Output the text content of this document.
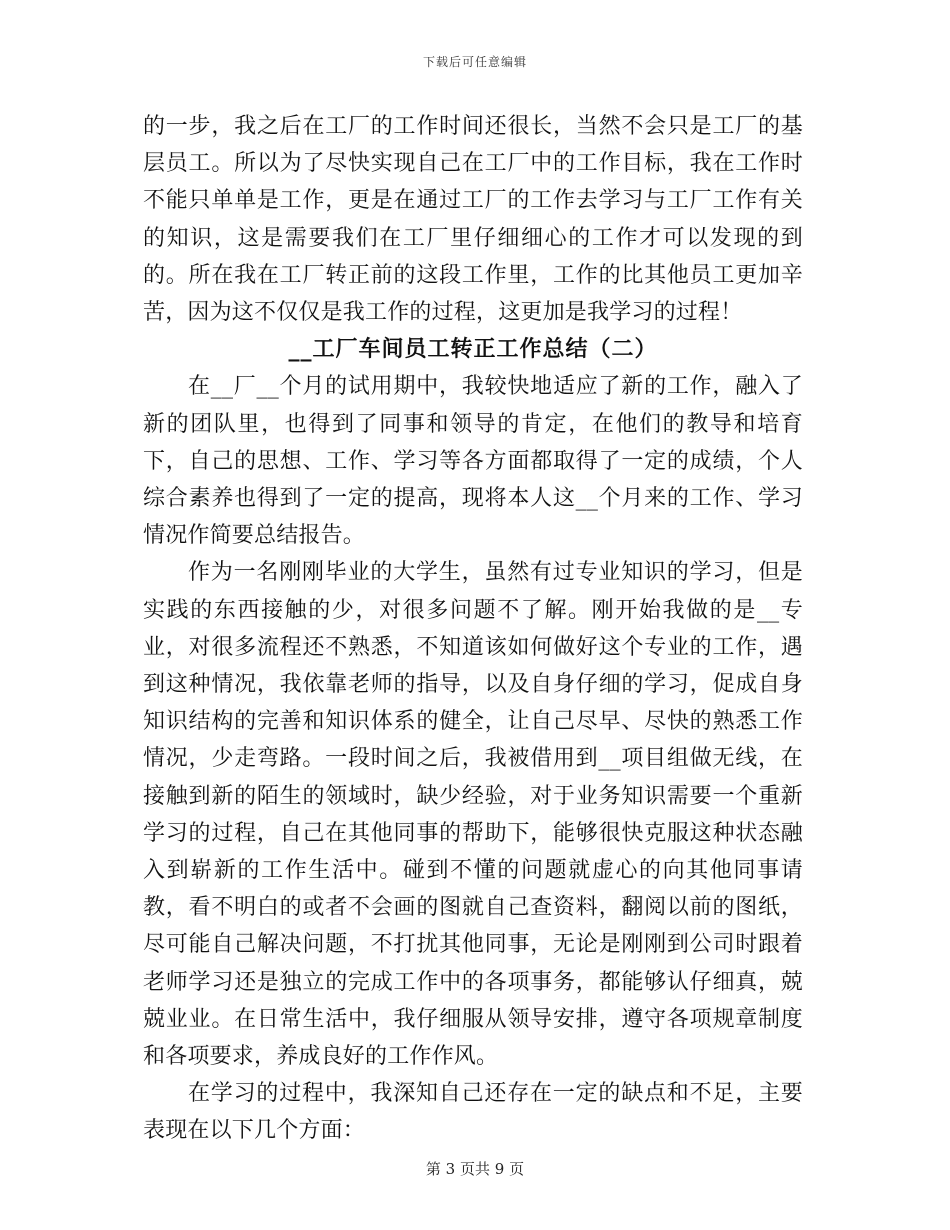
下载后可任意编辑

的一步，我之后在工厂的工作时间还很长，当然不会只是工厂的基层员工。所以为了尽快实现自己在工厂中的工作目标，我在工作时不能只单单是工作，更是在通过工厂的工作去学习与工厂工作有关的知识，这是需要我们在工厂里仔细细心的工作才可以发现的到的。所在我在工厂转正前的这段工作里，工作的比其他员工更加辛苦，因为这不仅仅是我工作的过程，这更加是我学习的过程！

__工厂车间员工转正工作总结（二）

在__厂__个月的试用期中，我较快地适应了新的工作，融入了新的团队里，也得到了同事和领导的肯定，在他们的教导和培育下，自己的思想、工作、学习等各方面都取得了一定的成绩，个人综合素养也得到了一定的提高，现将本人这__个月来的工作、学习情况作简要总结报告。

作为一名刚刚毕业的大学生，虽然有过专业知识的学习，但是实践的东西接触的少，对很多问题不了解。刚开始我做的是__专业，对很多流程还不熟悉，不知道该如何做好这个专业的工作，遇到这种情况，我依靠老师的指导，以及自身仔细的学习，促成自身知识结构的完善和知识体系的健全，让自己尽早、尽快的熟悉工作情况，少走弯路。一段时间之后，我被借用到__项目组做无线，在接触到新的陌生的领域时，缺少经验，对于业务知识需要一个重新学习的过程，自己在其他同事的帮助下，能够很快克服这种状态融入到崭新的工作生活中。碰到不懂的问题就虚心的向其他同事请教，看不明白的或者不会画的图就自己查资料，翻阅以前的图纸，尽可能自己解决问题，不打扰其他同事，无论是刚刚到公司时跟着老师学习还是独立的完成工作中的各项事务，都能够认仔细真，兢兢业业。在日常生活中，我仔细服从领导安排，遵守各项规章制度和各项要求，养成良好的工作作风。

在学习的过程中，我深知自己还存在一定的缺点和不足，主要表现在以下几个方面：

第 3 页共 9 页
